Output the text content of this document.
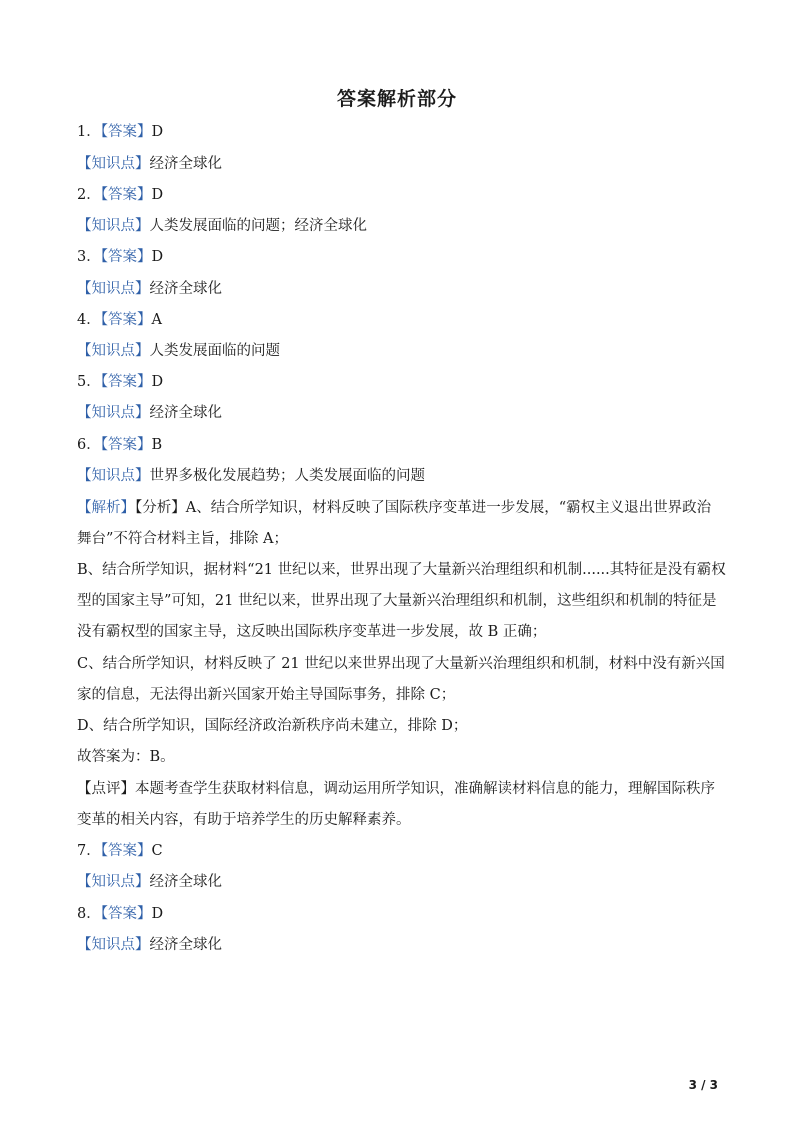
答案解析部分
1．【答案】D
【知识点】经济全球化
2．【答案】D
【知识点】人类发展面临的问题；经济全球化
3．【答案】D
【知识点】经济全球化
4．【答案】A
【知识点】人类发展面临的问题
5．【答案】D
【知识点】经济全球化
6．【答案】B
【知识点】世界多极化发展趋势；人类发展面临的问题
【解析】【分析】A、结合所学知识，材料反映了国际秩序变革进一步发展，“霸权主义退出世界政治
舞台”不符合材料主旨，排除 A；
B、结合所学知识，据材料“21 世纪以来，世界出现了大量新兴治理组织和机制......其特征是没有霸权
型的国家主导”可知，21 世纪以来，世界出现了大量新兴治理组织和机制，这些组织和机制的特征是
没有霸权型的国家主导，这反映出国际秩序变革进一步发展，故 B 正确；
C、结合所学知识，材料反映了 21 世纪以来世界出现了大量新兴治理组织和机制，材料中没有新兴国
家的信息，无法得出新兴国家开始主导国际事务，排除 C；
D、结合所学知识，国际经济政治新秩序尚未建立，排除 D；
故答案为：B。
【点评】本题考查学生获取材料信息，调动运用所学知识，准确解读材料信息的能力，理解国际秩序
变革的相关内容，有助于培养学生的历史解释素养。
7．【答案】C
【知识点】经济全球化
8．【答案】D
【知识点】经济全球化
3 / 3
